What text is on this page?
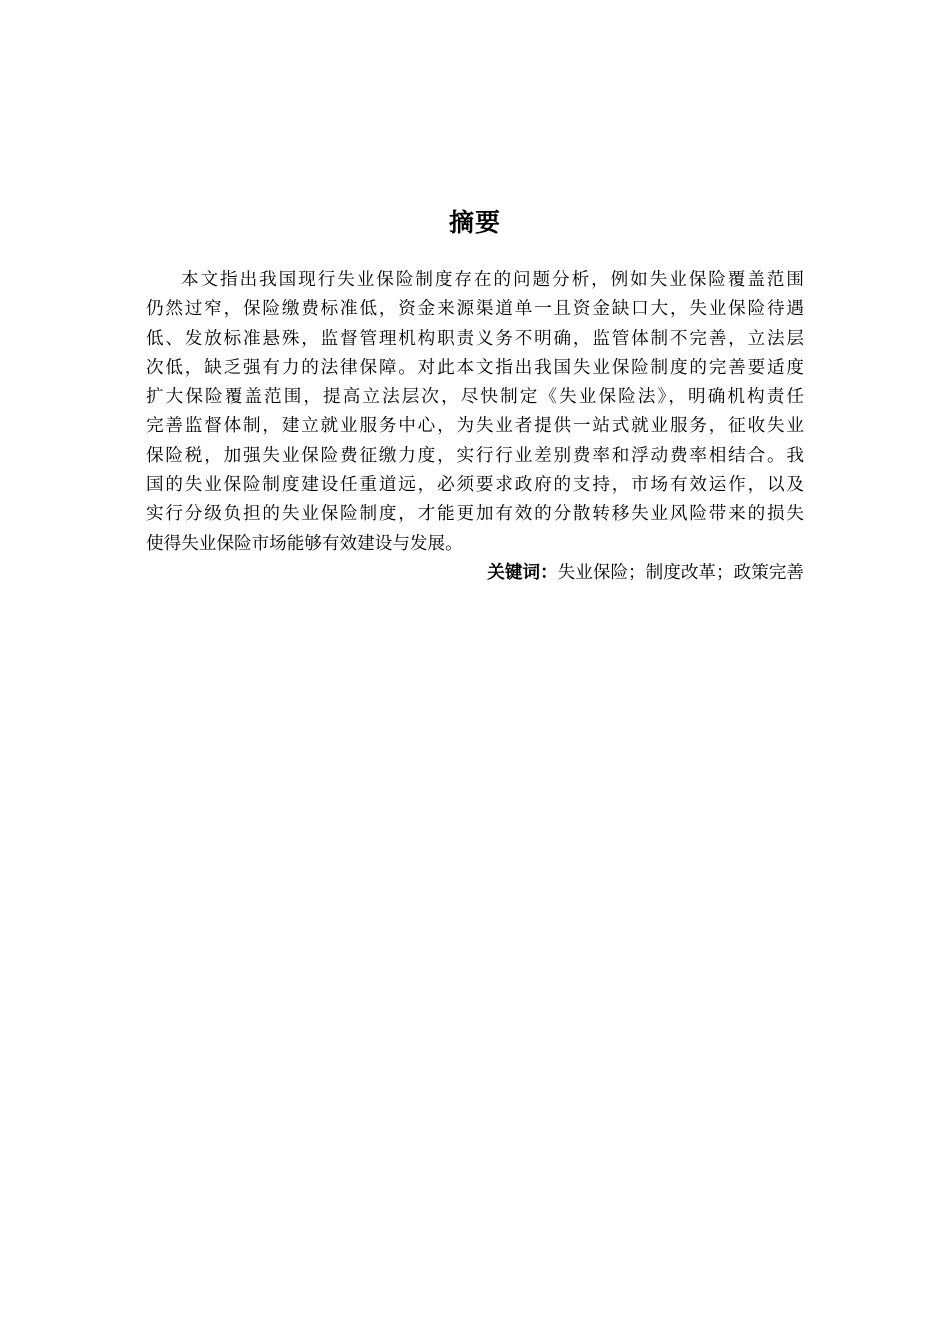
摘要
本文指出我国现行失业保险制度存在的问题分析，例如失业保险覆盖范围
仍然过窄，保险缴费标准低，资金来源渠道单一且资金缺口大，失业保险待遇
低、发放标准悬殊，监督管理机构职责义务不明确，监管体制不完善，立法层
次低，缺乏强有力的法律保障。对此本文指出我国失业保险制度的完善要适度
扩大保险覆盖范围，提高立法层次，尽快制定《失业保险法》，明确机构责任
完善监督体制，建立就业服务中心，为失业者提供一站式就业服务，征收失业
保险税，加强失业保险费征缴力度，实行行业差别费率和浮动费率相结合。我
国的失业保险制度建设任重道远，必须要求政府的支持，市场有效运作，以及
实行分级负担的失业保险制度，才能更加有效的分散转移失业风险带来的损失
使得失业保险市场能够有效建设与发展。
关键词：失业保险；制度改革；政策完善
